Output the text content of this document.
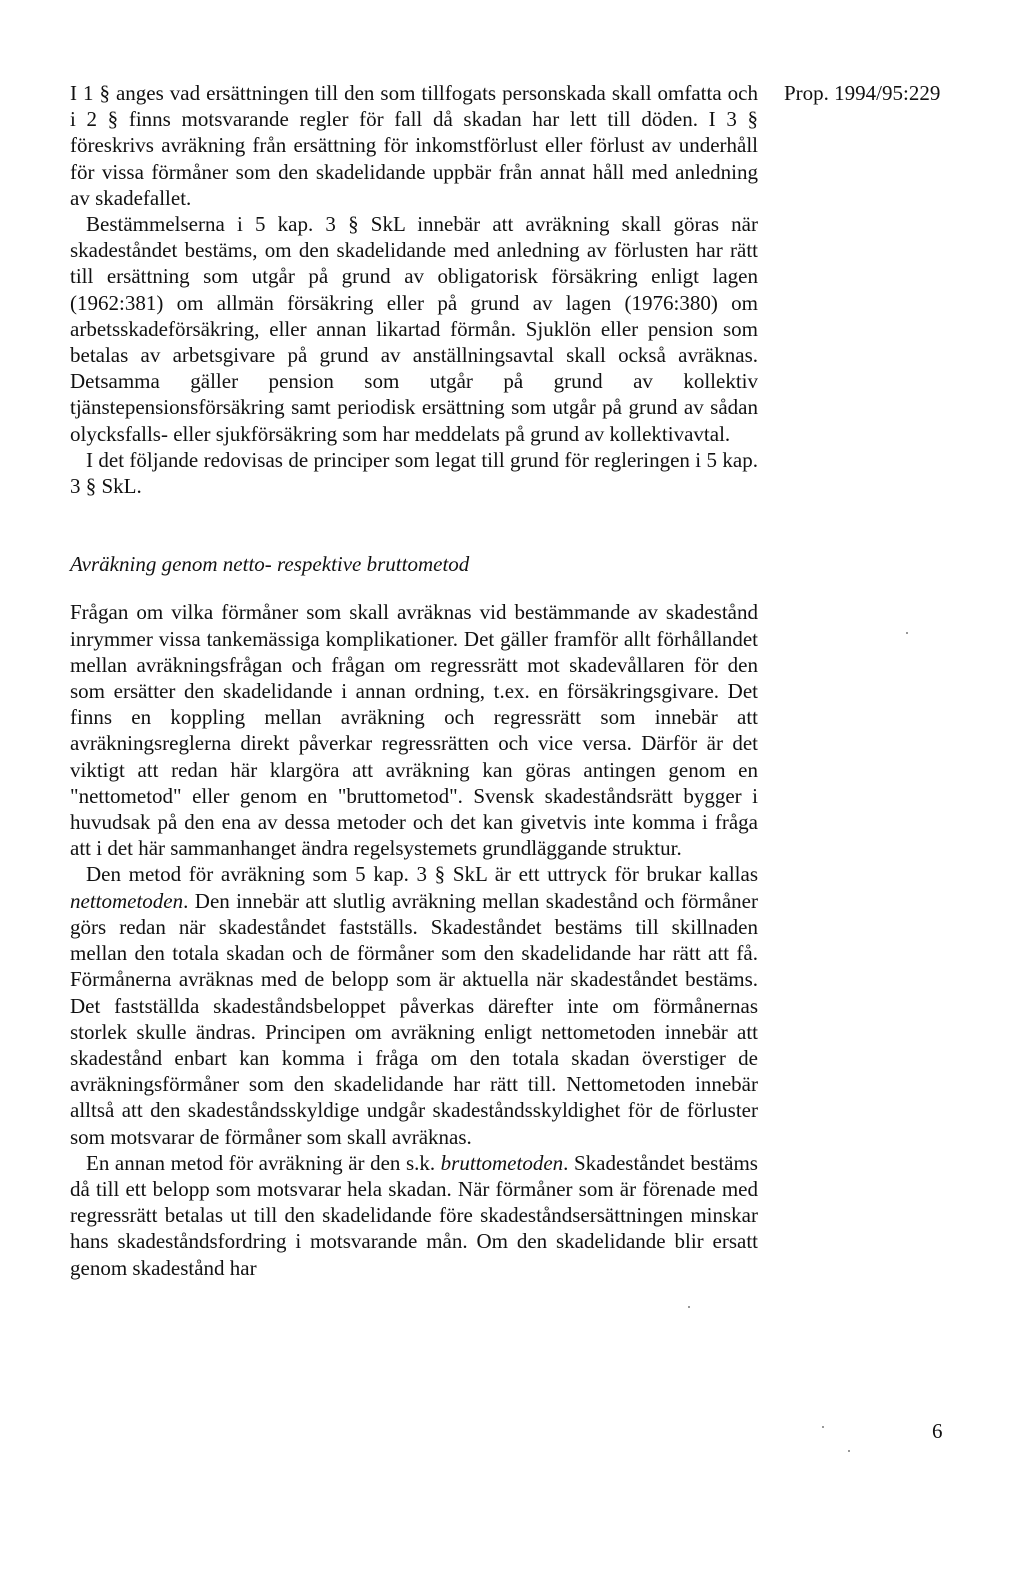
Prop. 1994/95:229

I 1 § anges vad ersättningen till den som tillfogats personskada skall omfatta och i 2 § finns motsvarande regler för fall då skadan har lett till döden. I 3 § föreskrivs avräkning från ersättning för inkomstförlust eller förlust av underhåll för vissa förmåner som den skadelidande uppbär från annat håll med anledning av skadefallet.

Bestämmelserna i 5 kap. 3 § SkL innebär att avräkning skall göras när skadeståndet bestäms, om den skadelidande med anledning av förlusten har rätt till ersättning som utgår på grund av obligatorisk försäkring enligt lagen (1962:381) om allmän försäkring eller på grund av lagen (1976:380) om arbetsskadeförsäkring, eller annan likartad förmån. Sjuklön eller pension som betalas av arbetsgivare på grund av anställningsavtal skall också avräknas. Detsamma gäller pension som utgår på grund av kollektiv tjänstepensionsförsäkring samt periodisk ersättning som utgår på grund av sådan olycksfalls- eller sjukförsäkring som har meddelats på grund av kollektivavtal.

I det följande redovisas de principer som legat till grund för regleringen i 5 kap. 3 § SkL.

Avräkning genom netto- respektive bruttometod

Frågan om vilka förmåner som skall avräknas vid bestämmande av skadestånd inrymmer vissa tankemässiga komplikationer. Det gäller framför allt förhållandet mellan avräkningsfrågan och frågan om regressrätt mot skadevållaren för den som ersätter den skadelidande i annan ordning, t.ex. en försäkringsgivare. Det finns en koppling mellan avräkning och regressrätt som innebär att avräkningsreglerna direkt påverkar regressrätten och vice versa. Därför är det viktigt att redan här klargöra att avräkning kan göras antingen genom en "nettometod" eller genom en "bruttometod". Svensk skadeståndsrätt bygger i huvudsak på den ena av dessa metoder och det kan givetvis inte komma i fråga att i det här sammanhanget ändra regelsystemets grundläggande struktur.

Den metod för avräkning som 5 kap. 3 § SkL är ett uttryck för brukar kallas nettometoden. Den innebär att slutlig avräkning mellan skadestånd och förmåner görs redan när skadeståndet fastställs. Skadeståndet bestäms till skillnaden mellan den totala skadan och de förmåner som den skadelidande har rätt att få. Förmånerna avräknas med de belopp som är aktuella när skadeståndet bestäms. Det fastställda skadeståndsbeloppet påverkas därefter inte om förmånernas storlek skulle ändras. Principen om avräkning enligt nettometoden innebär att skadestånd enbart kan komma i fråga om den totala skadan överstiger de avräkningsförmåner som den skadelidande har rätt till. Nettometoden innebär alltså att den skadeståndsskyldige undgår skadeståndsskyldighet för de förluster som motsvarar de förmåner som skall avräknas.

En annan metod för avräkning är den s.k. bruttometoden. Skadeståndet bestäms då till ett belopp som motsvarar hela skadan. När förmåner som är förenade med regressrätt betalas ut till den skadelidande före skadeståndsersättningen minskar hans skadeståndsfordring i motsvarande mån. Om den skadelidande blir ersatt genom skadestånd har

6
